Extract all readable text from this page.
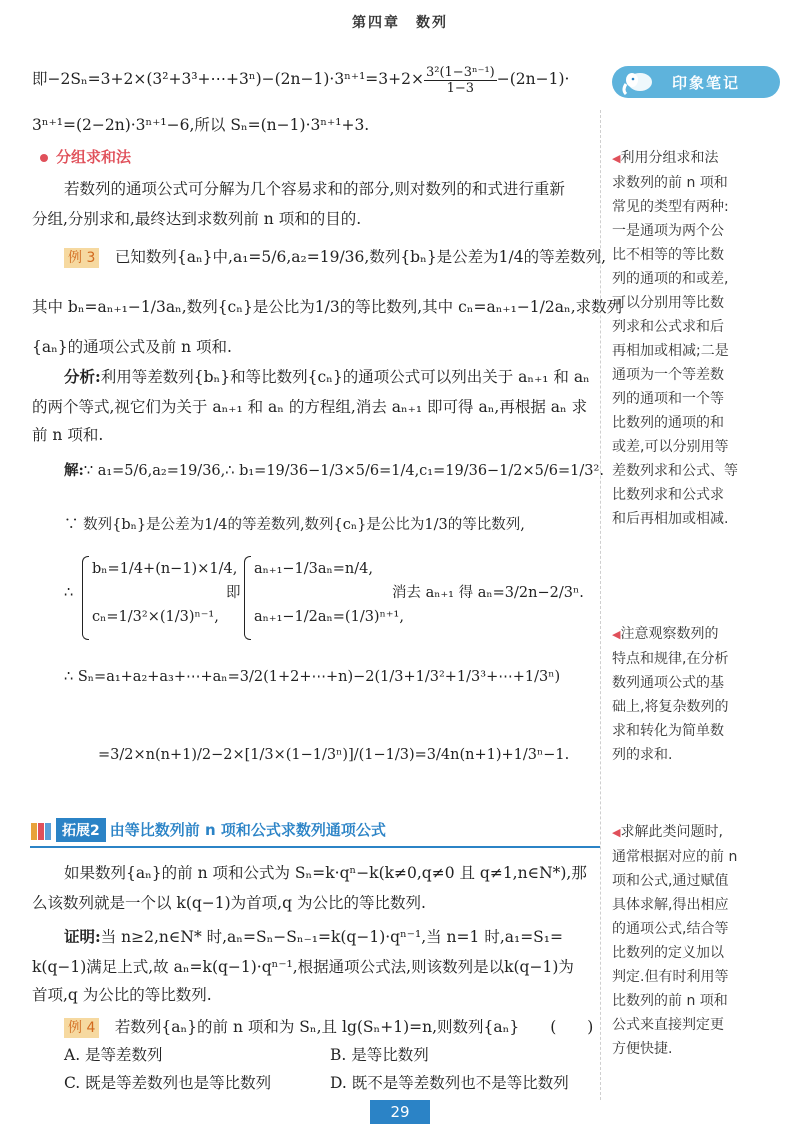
第四章　数列
印象笔记
即−2Sₙ=3+2×(3²+3³+⋯+3ⁿ)−(2n−1)·3ⁿ⁺¹=3+2× $\frac{\text{3²(1−3ⁿ⁻¹)}}{1-3} -(2n-1)\cdot$
3ⁿ⁺¹=(2−2n)·3ⁿ⁺¹−6,所以 Sₙ=(n−1)·3ⁿ⁺¹+3.
分组求和法
若数列的通项公式可分解为几个容易求和的部分,则对数列的和式进行重新
分组,分别求和,最终达到求数列前 n 项和的目的.
例 3　 已知数列{aₙ}中,a₁=5/6,a₂=19/36,数列{bₙ}是公差为1/4的等差数列,
其中 bₙ=aₙ₊₁−1/3aₙ,数列{cₙ}是公比为1/3的等比数列,其中 cₙ=aₙ₊₁−1/2aₙ,求数列
{aₙ}的通项公式及前 n 项和.
分析:利用等差数列{bₙ}和等比数列{cₙ}的通项公式可以列出关于 aₙ₊₁ 和 aₙ
的两个等式,视它们为关于 aₙ₊₁ 和 aₙ 的方程组,消去 aₙ₊₁ 即可得 aₙ,再根据 aₙ 求
前 n 项和.
解:∵ a₁=5/6,a₂=19/36,∴ b₁=19/36−1/3×5/6=1/4,c₁=19/36−1/2×5/6=1/3².
∵ 数列{bₙ}是公差为1/4的等差数列,数列{cₙ}是公比为1/3的等比数列,
∴
bₙ=1/4+(n−1)×1/4,
cₙ=1/3²×(1/3)ⁿ⁻¹,
即
aₙ₊₁−1/3aₙ=n/4,
aₙ₊₁−1/2aₙ=(1/3)ⁿ⁺¹,
消去 aₙ₊₁ 得 aₙ=3/2n−2/3ⁿ.
∴ Sₙ=a₁+a₂+a₃+⋯+aₙ=3/2(1+2+⋯+n)−2(1/3+1/3²+1/3³+⋯+1/3ⁿ)
=3/2×n(n+1)/2−2×[1/3×(1−1/3ⁿ)]/(1−1/3)=3/4n(n+1)+1/3ⁿ−1.
拓展2 由等比数列前 n 项和公式求数列通项公式
如果数列{aₙ}的前 n 项和公式为 Sₙ=k·qⁿ−k(k≠0,q≠0 且 q≠1,n∈N*),那
么该数列就是一个以 k(q−1)为首项,q 为公比的等比数列.
证明:当 n≥2,n∈N* 时,aₙ=Sₙ−Sₙ₋₁=k(q−1)·qⁿ⁻¹,当 n=1 时,a₁=S₁=
k(q−1)满足上式,故 aₙ=k(q−1)·qⁿ⁻¹,根据通项公式法,则该数列是以k(q−1)为
首项,q 为公比的等比数列.
例 4　 若数列{aₙ}的前 n 项和为 Sₙ,且 lg(Sₙ+1)=n,则数列{aₙ}　　(　　)
A. 是等差数列	B. 是等比数列
C. 既是等差数列也是等比数列	D. 既不是等差数列也不是等比数列
◀利用分组求和法
求数列的前 n 项和
常见的类型有两种:
一是通项为两个公
比不相等的等比数
列的通项的和或差,
可以分别用等比数
列求和公式求和后
再相加或相减;二是
通项为一个等差数
列的通项和一个等
比数列的通项的和
或差,可以分别用等
差数列求和公式、等
比数列求和公式求
和后再相加或相减.
◀注意观察数列的
特点和规律,在分析
数列通项公式的基
础上,将复杂数列的
求和转化为简单数
列的求和.
◀求解此类问题时,
通常根据对应的前 n
项和公式,通过赋值
具体求解,得出相应
的通项公式,结合等
比数列的定义加以
判定.但有时利用等
比数列的前 n 项和
公式来直接判定更
方便快捷.
29
